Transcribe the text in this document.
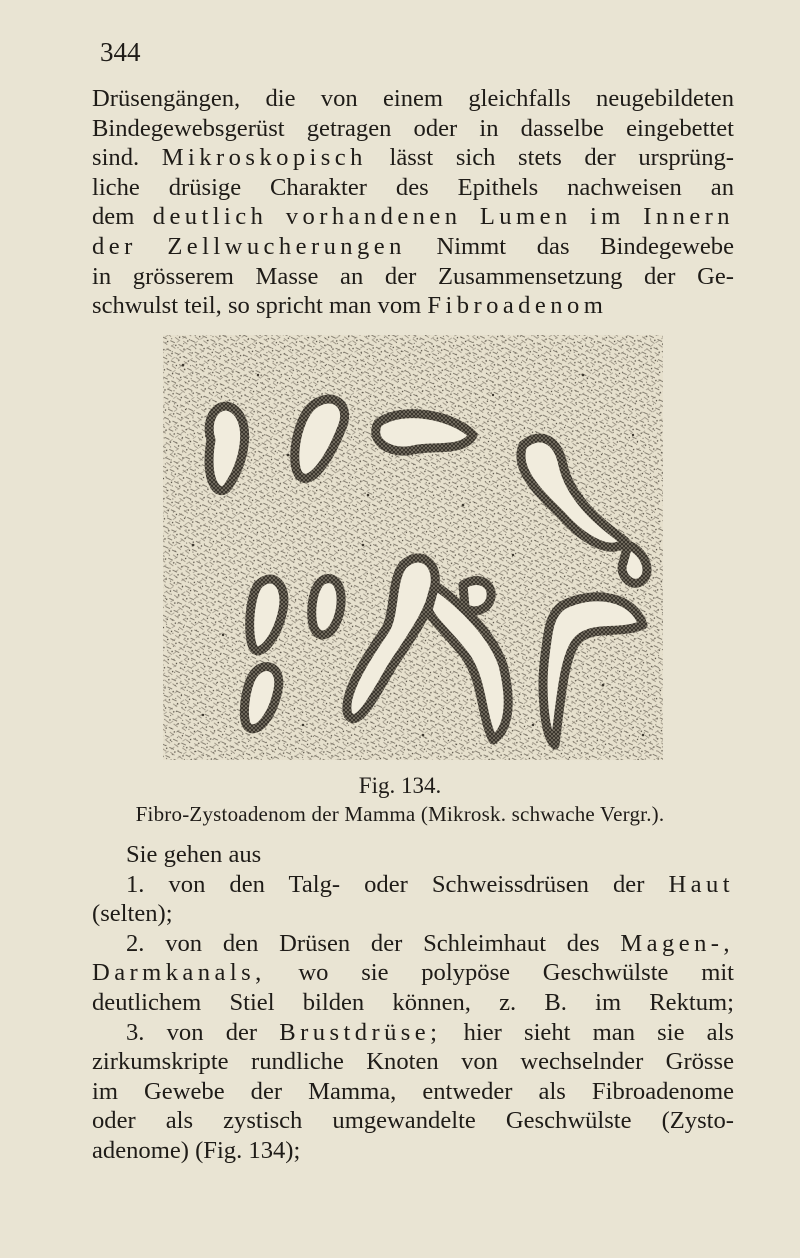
344
Drüsengängen, die von einem gleichfalls neugebildeten
Bindegewebsgerüst getragen oder in dasselbe eingebettet
sind. Mikroskopisch lässt sich stets der ursprüng-
liche drüsige Charakter des Epithels nachweisen an
dem deutlich vorhandenen Lumen im Innern
der Zellwucherungen Nimmt das Bindegewebe
in grösserem Masse an der Zusammensetzung der Ge-
schwulst teil, so spricht man vom Fibroadenom
Fig. 134.
Fibro-Zystoadenom der Mamma (Mikrosk. schwache Vergr.).
Sie gehen aus
1. von den Talg- oder Schweissdrüsen der Haut
(selten);
2. von den Drüsen der Schleimhaut des Magen-,
Darmkanals, wo sie polypöse Geschwülste mit
deutlichem Stiel bilden können, z. B. im Rektum;
3. von der Brustdrüse; hier sieht man sie als
zirkumskripte rundliche Knoten von wechselnder Grösse
im Gewebe der Mamma, entweder als Fibroadenome
oder als zystisch umgewandelte Geschwülste (Zysto-
adenome) (Fig. 134);
